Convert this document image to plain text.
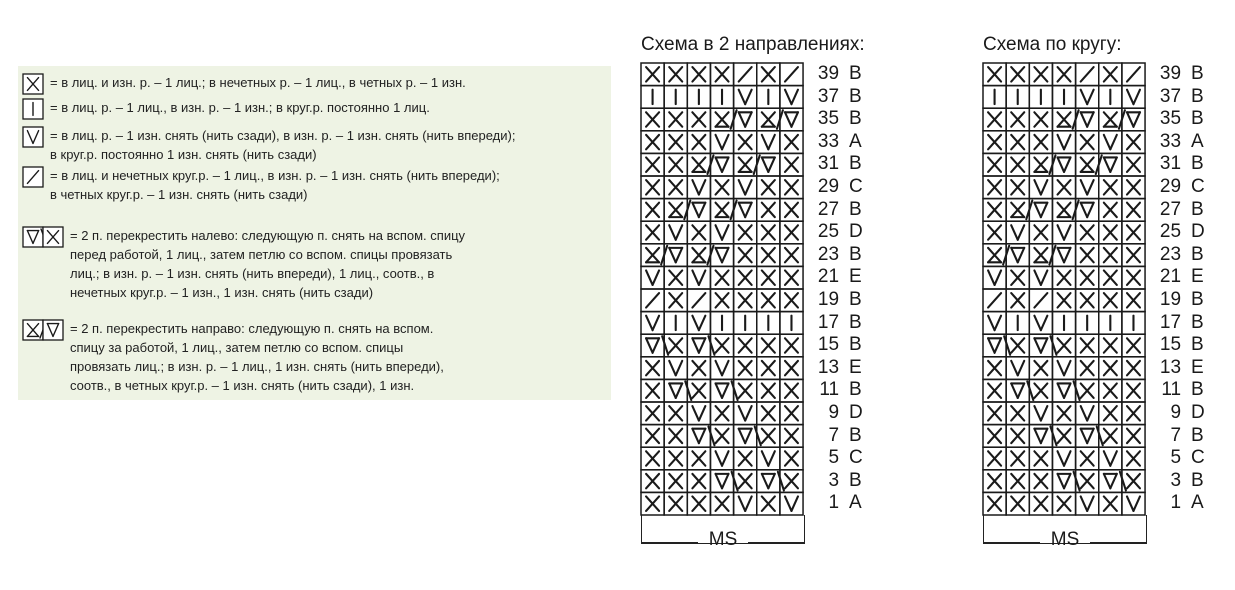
= в лиц. и изн. р. – 1 лиц.; в нечетных р. – 1 лиц., в четных р. – 1 изн.
= в лиц. р. – 1 лиц., в изн. р. – 1 изн.; в круг.р. постоянно 1 лиц.
= в лиц. р. – 1 изн. снять (нить сзади), в изн. р. – 1 изн. снять (нить впереди);
в круг.р. постоянно 1 изн. снять (нить сзади)
= в лиц. и нечетных круг.р. – 1 лиц., в изн. р. – 1 изн. снять (нить впереди);
в четных круг.р. – 1 изн. снять (нить сзади)
= 2 п. перекрестить налево: следующую п. снять на вспом. спицу
перед работой, 1 лиц., затем петлю со вспом. спицы провязать
лиц.; в изн. р. – 1 изн. снять (нить впереди), 1 лиц., соотв., в
нечетных круг.р. – 1 изн., 1 изн. снять (нить сзади)
= 2 п. перекрестить направо: следующую п. снять на вспом.
спицу за работой, 1 лиц., затем петлю со вспом. спицы
провязать лиц.; в изн. р. – 1 лиц., 1 изн. снять (нить впереди),
соотв., в четных круг.р. – 1 изн. снять (нить сзади), 1 изн.
Схема в 2 направлениях:
39 B
37 B
35 B
33 A
31 B
29 C
27 B
25 D
23 B
21 E
19 B
17 B
15 B
13 E
11 B
9 D
7 B
5 C
3 B
1 A
MS
Схема по кругу:
39 B
37 B
35 B
33 A
31 B
29 C
27 B
25 D
23 B
21 E
19 B
17 B
15 B
13 E
11 B
9 D
7 B
5 C
3 B
1 A
MS
